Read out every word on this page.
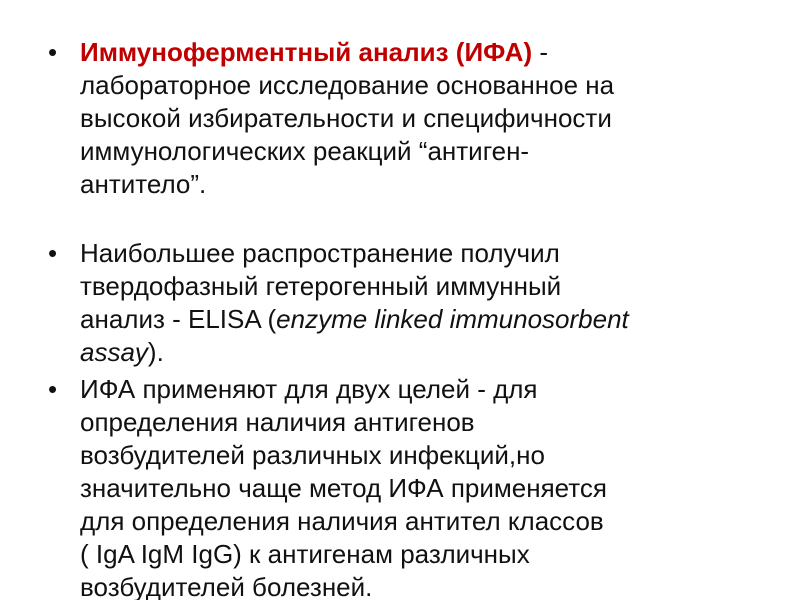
• Иммуноферментный анализ (ИФА) -
лабораторное исследование основанное на
высокой избирательности и специфичности
иммунологических реакций “антиген-
антитело”.
• Наибольшее распространение получил
твердофазный гетерогенный иммунный
анализ - ELISA (enzyme linked immunosorbent
assay).
• ИФА применяют для двух целей - для
определения наличия антигенов
возбудителей различных инфекций,но
значительно чаще метод ИФА применяется
для определения наличия антител классов
( IgA IgM IgG) к антигенам различных
возбудителей болезней.
